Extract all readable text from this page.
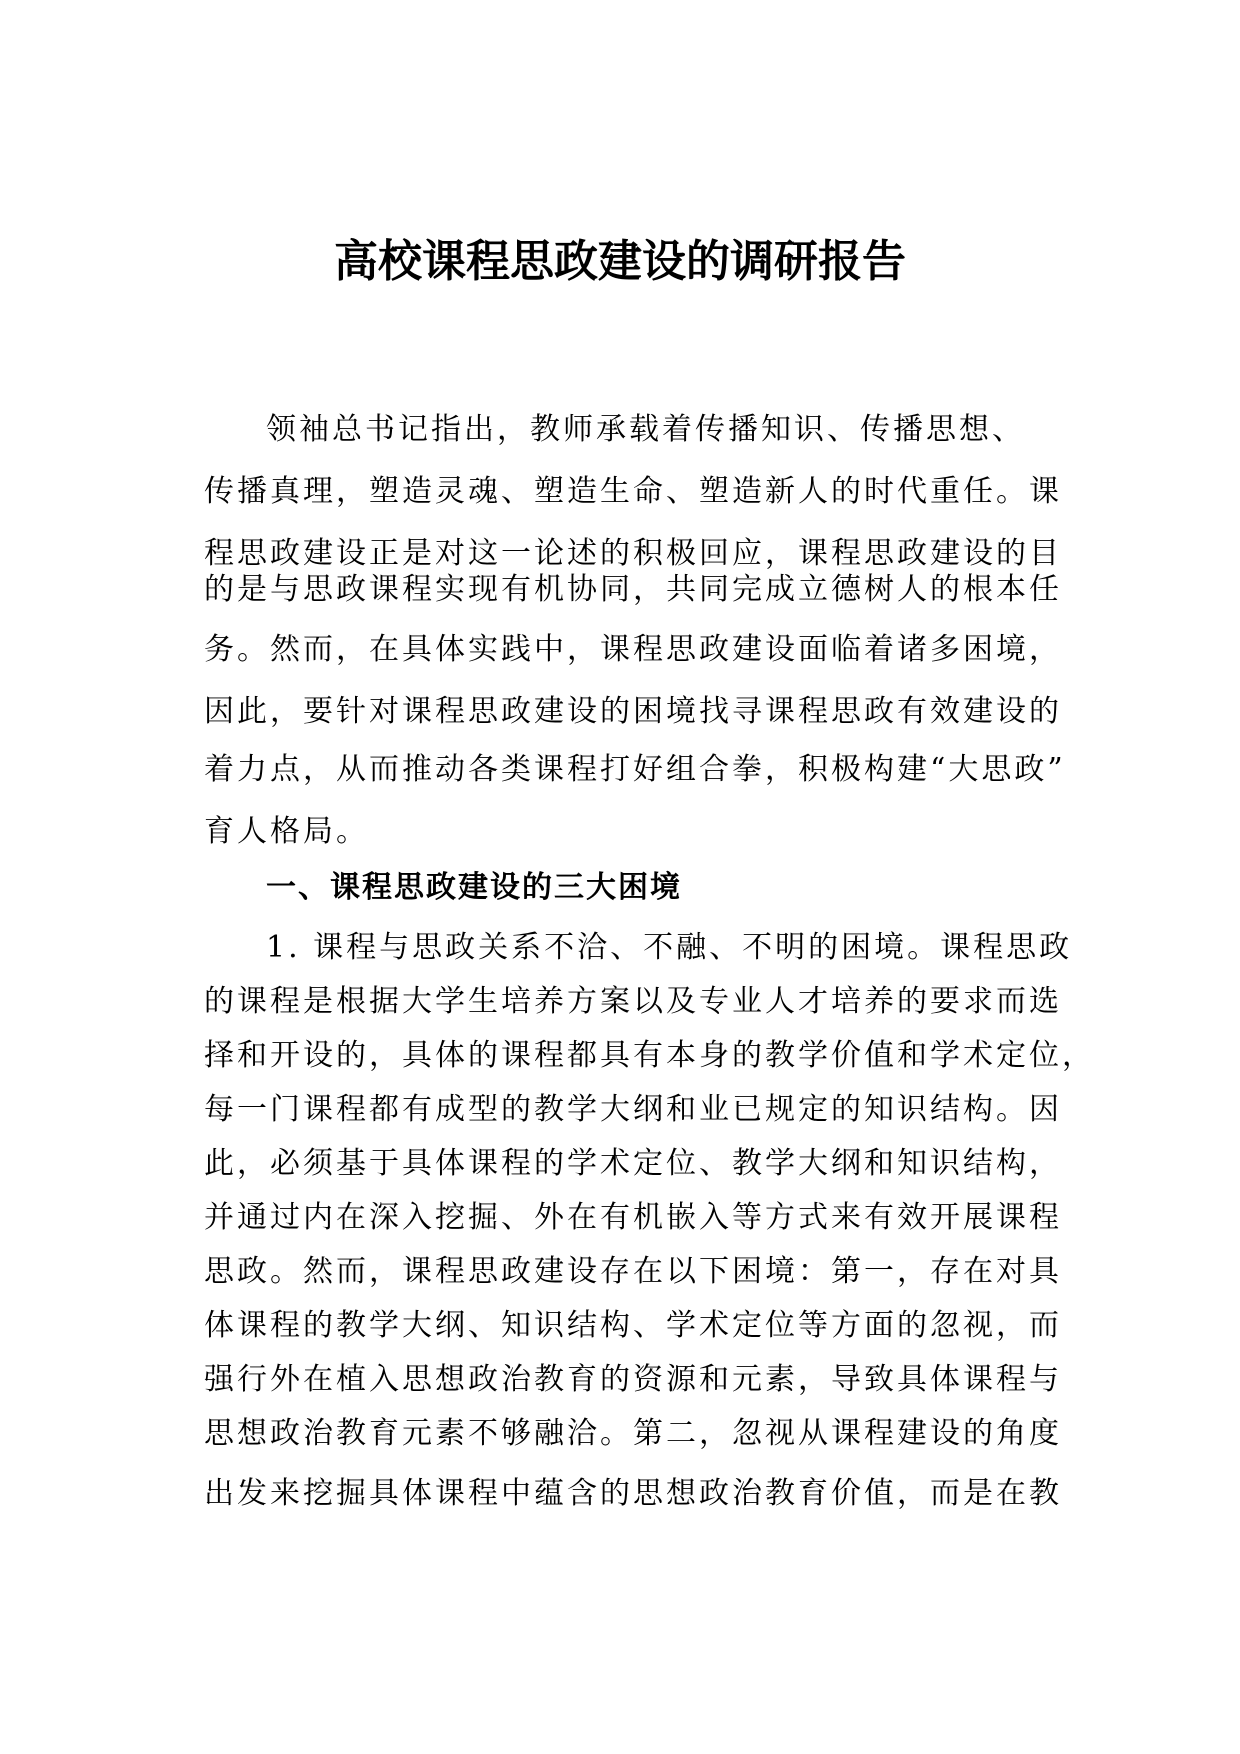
高校课程思政建设的调研报告
领袖总书记指出，教师承载着传播知识、传播思想、
传播真理，塑造灵魂、塑造生命、塑造新人的时代重任。课
程思政建设正是对这一论述的积极回应，课程思政建设的目
的是与思政课程实现有机协同，共同完成立德树人的根本任
务。然而，在具体实践中，课程思政建设面临着诸多困境，
因此，要针对课程思政建设的困境找寻课程思政有效建设的
着力点，从而推动各类课程打好组合拳，积极构建“大思政”
育人格局。
一、课程思政建设的三大困境
1. 课程与思政关系不洽、不融、不明的困境。课程思政
的课程是根据大学生培养方案以及专业人才培养的要求而选
择和开设的，具体的课程都具有本身的教学价值和学术定位，
每一门课程都有成型的教学大纲和业已规定的知识结构。因
此，必须基于具体课程的学术定位、教学大纲和知识结构，
并通过内在深入挖掘、外在有机嵌入等方式来有效开展课程
思政。然而，课程思政建设存在以下困境：第一，存在对具
体课程的教学大纲、知识结构、学术定位等方面的忽视，而
强行外在植入思想政治教育的资源和元素，导致具体课程与
思想政治教育元素不够融洽。第二，忽视从课程建设的角度
出发来挖掘具体课程中蕴含的思想政治教育价值，而是在教
